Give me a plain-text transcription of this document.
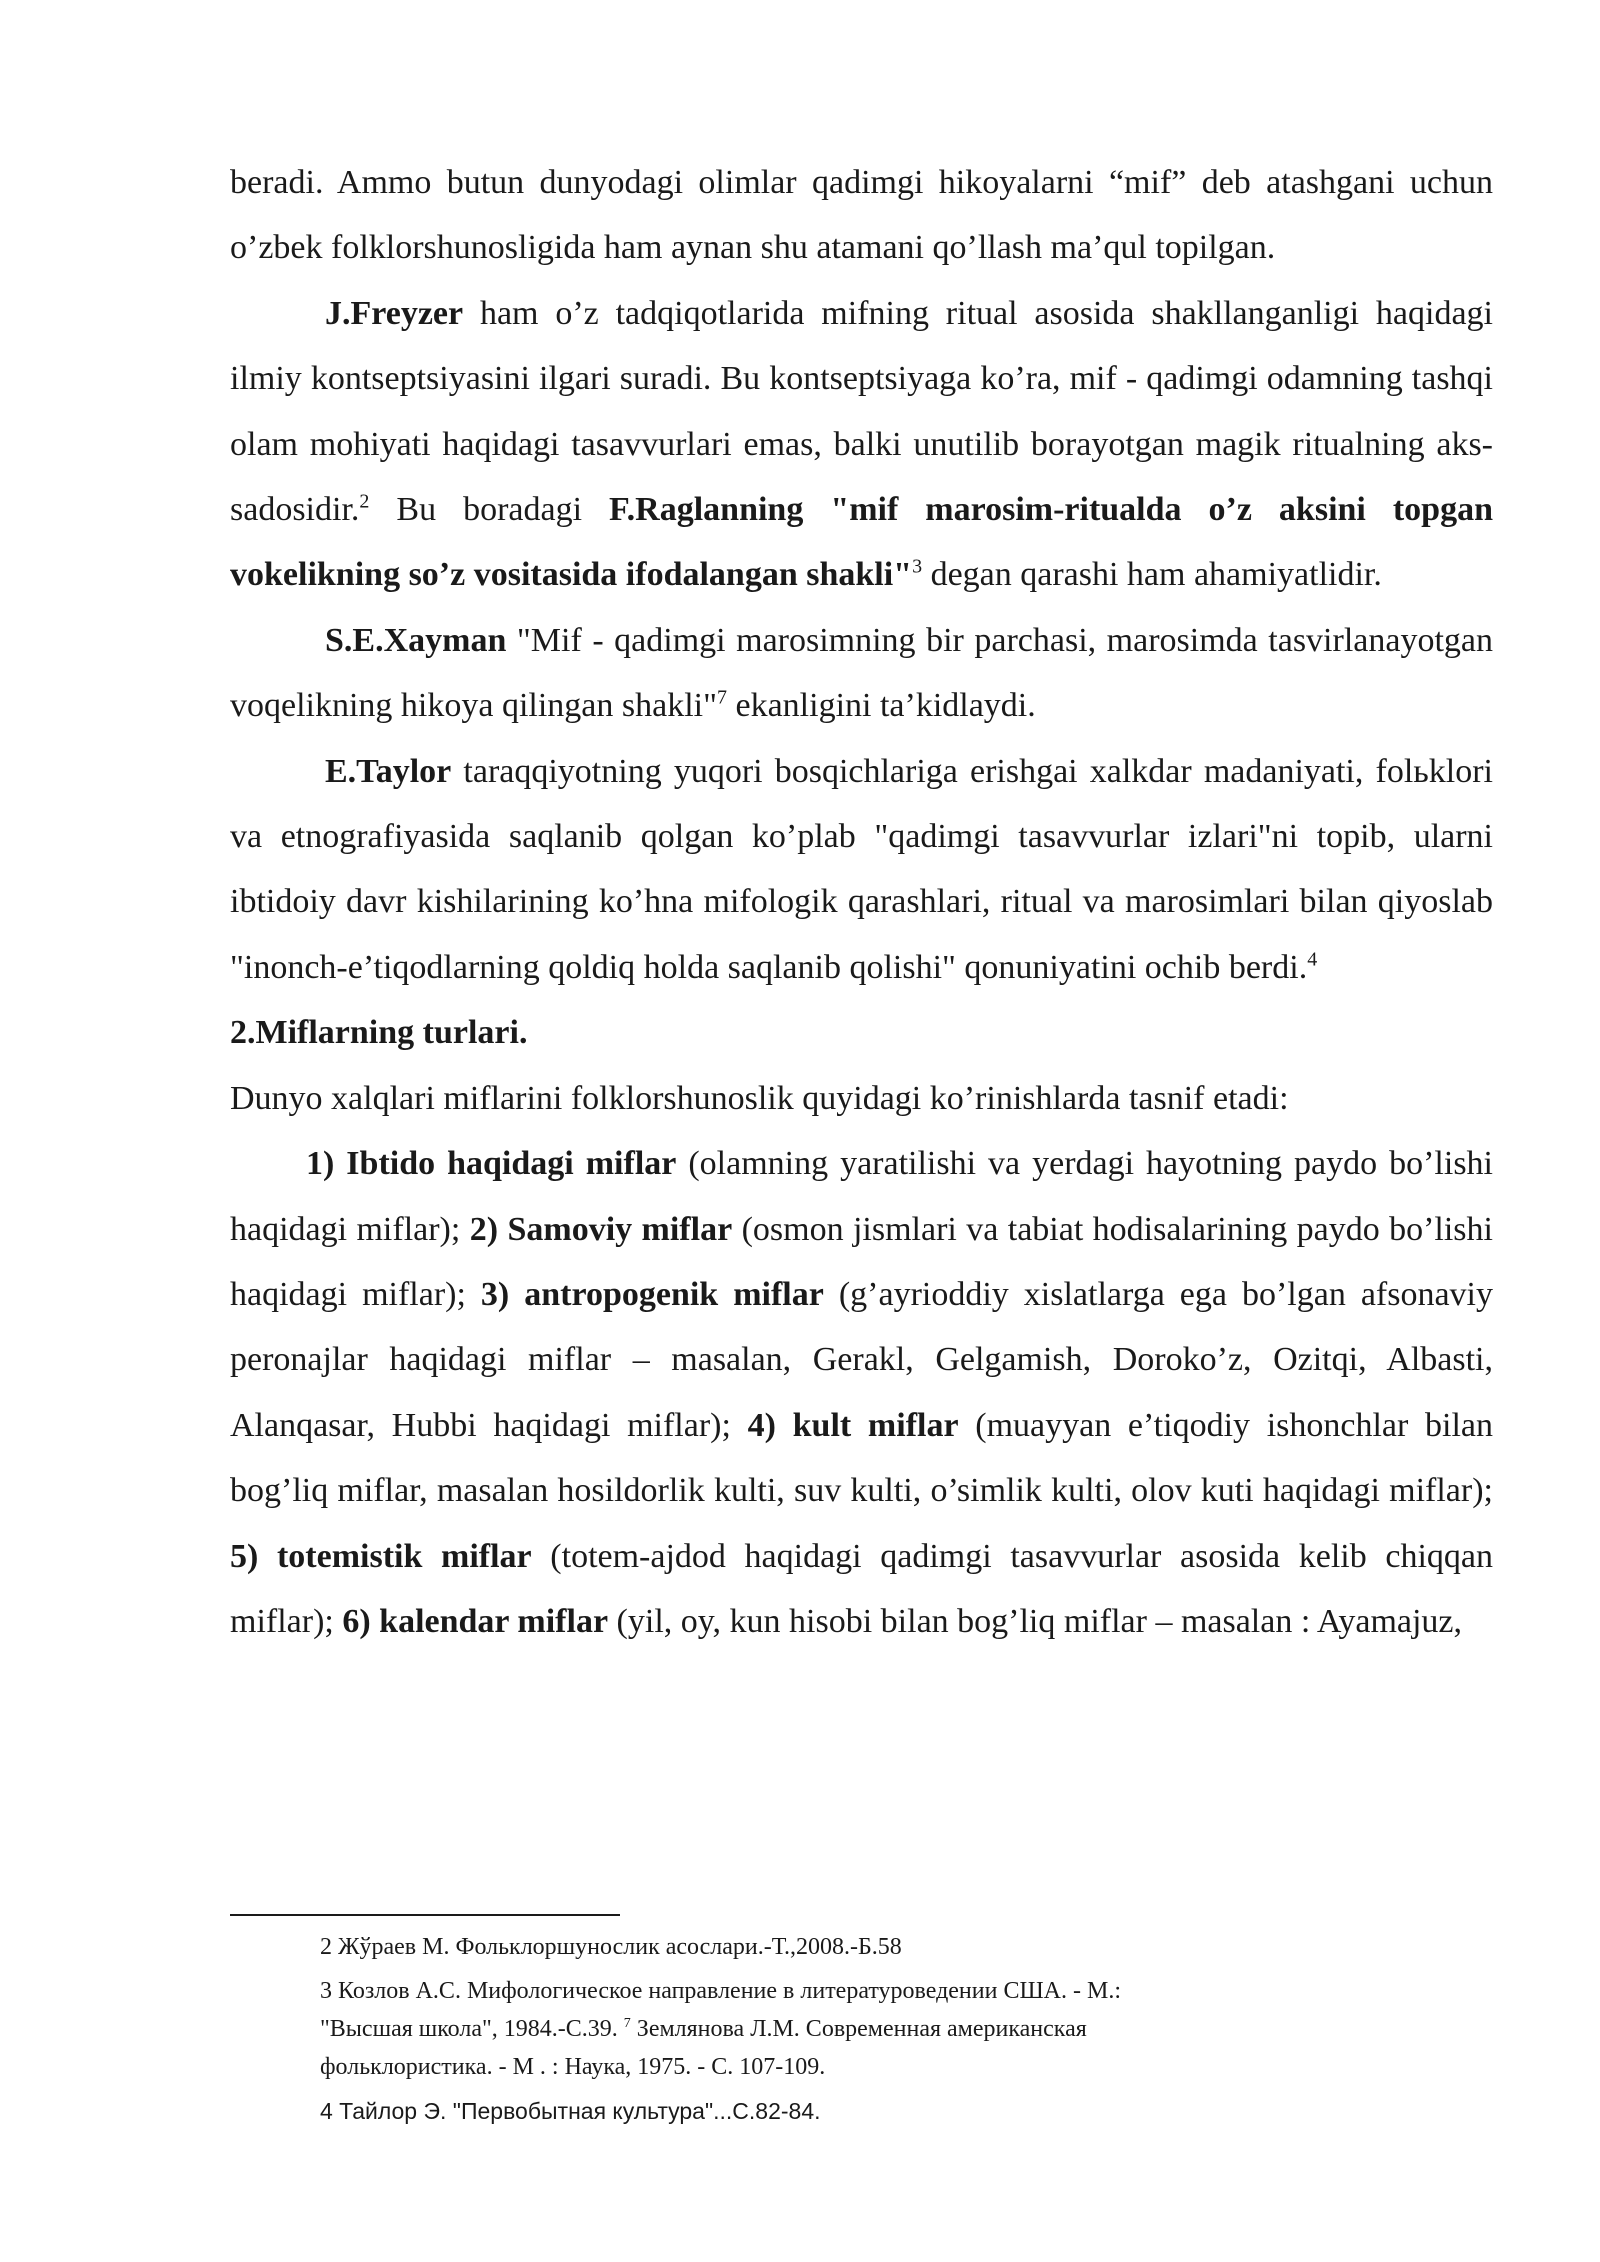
beradi. Ammo butun dunyodagi olimlar qadimgi hikoyalarni “mif” deb atashgani uchun o’zbek folklorshunosligida ham aynan shu atamani qo’llash ma’qul topilgan.

J.Freyzer ham o’z tadqiqotlarida mifning ritual asosida shakllanganligi haqidagi ilmiy kontseptsiyasini ilgari suradi. Bu kontseptsiyaga ko’ra, mif - qadimgi odamning tashqi olam mohiyati haqidagi tasavvurlari emas, balki unutilib borayotgan magik ritualning aks-sadosidir.$^2$ Bu boradagi F.Raglanning "mif marosim-ritualda o’z aksini topgan vokelikning so’z vositasida ifodalangan shakli"$^3$ degan qarashi ham ahamiyatlidir.

S.E.Xayman "Mif - qadimgi marosimning bir parchasi, marosimda tasvirlanayotgan voqelikning hikoya qilingan shakli"$^7$ ekanligini ta’kidlaydi.

E.Taylor taraqqiyotning yuqori bosqichlariga erishgai xalkdar madaniyati, folьklori va etnografiyasida saqlanib qolgan ko’plab "qadimgi tasavvurlar izlari"ni topib, ularni ibtidoiy davr kishilarining ko’hna mifologik qarashlari, ritual va marosimlari bilan qiyoslab "inonch-e’tiqodlarning qoldiq holda saqlanib qolishi" qonuniyatini ochib berdi.$^4$

2.Miflarning turlari.

Dunyo xalqlari miflarini folklorshunoslik quyidagi ko’rinishlarda tasnif etadi:

1) Ibtido haqidagi miflar (olamning yaratilishi va yerdagi hayotning paydo bo’lishi haqidagi miflar); 2) Samoviy miflar (osmon jismlari va tabiat hodisalarining paydo bo’lishi haqidagi miflar); 3) antropogenik miflar (g’ayrioddiy xislatlarga ega bo’lgan afsonaviy peronajlar haqidagi miflar – masalan, Gerakl, Gelgamish, Doroko’z, Ozitqi, Albasti, Alanqasar, Hubbi haqidagi miflar); 4) kult miflar (muayyan e’tiqodiy ishonchlar bilan bog’liq miflar, masalan hosildorlik kulti, suv kulti, o’simlik kulti, olov kuti haqidagi miflar); 5) totemistik miflar (totem-ajdod haqidagi qadimgi tasavvurlar asosida kelib chiqqan miflar); 6) kalendar miflar (yil, oy, kun hisobi bilan bog’liq miflar – masalan : Ayamajuz,

2 Жўраев М. Фольклоршунослик асослари.-Т.,2008.-Б.58

3 Козлов А.С. Мифологическое направление в литературоведении США. - М.:
"Высшая школа", 1984.-С.39. $^7$ Землянова Л.М. Современная американская
фольклористика. - М . : Наука, 1975. - С. 107-109.

4 Тайлор Э. "Первобытная культура"...С.82-84.
